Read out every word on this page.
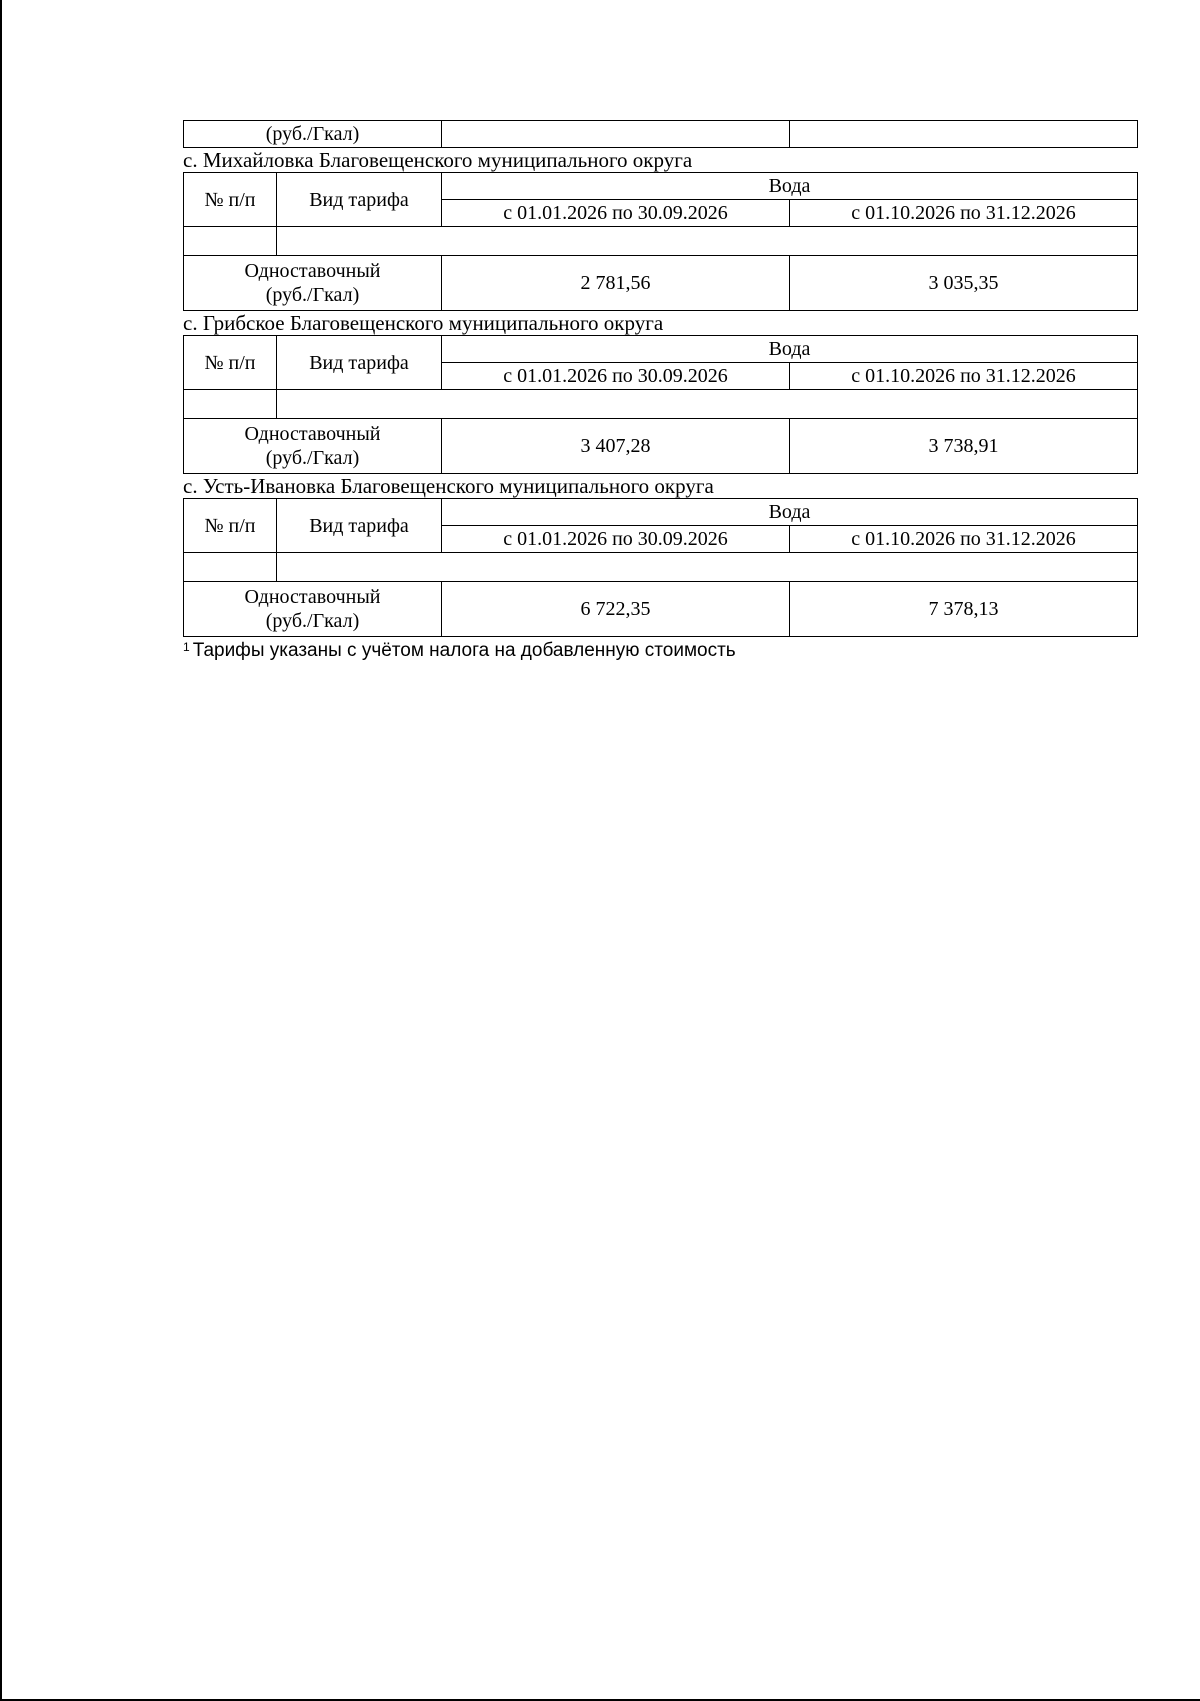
(руб./Гкал)		
с. Михайловка Благовещенского муниципального округа
№ п/п	Вид тарифа	Вода	
		с 01.01.2026 по 30.09.2026	с 01.10.2026 по 31.12.2026

Одноставочный
(руб./Гкал)		2 781,56	3 035,35
с. Грибское Благовещенского муниципального округа
№ п/п	Вид тарифа	Вода	
		с 01.01.2026 по 30.09.2026	с 01.10.2026 по 31.12.2026

Одноставочный
(руб./Гкал)		3 407,28	3 738,91
с. Усть-Ивановка Благовещенского муниципального округа
№ п/п	Вид тарифа	Вода	
		с 01.01.2026 по 30.09.2026	с 01.10.2026 по 31.12.2026

Одноставочный
(руб./Гкал)		6 722,35	7 378,13
$^1$ Тарифы указаны с учётом налога на добавленную стоимость
